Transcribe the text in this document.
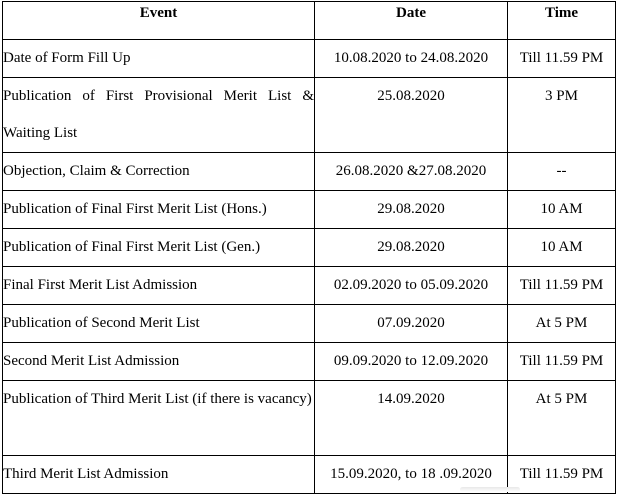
Event	Date	Time
Date of Form Fill Up	10.08.2020 to 24.08.2020	Till 11.59 PM
Publication of First Provisional Merit List & Waiting List	25.08.2020	3 PM
Objection, Claim & Correction	26.08.2020 &27.08.2020	--
Publication of Final First Merit List (Hons.)	29.08.2020	10 AM
Publication of Final First Merit List (Gen.)	29.08.2020	10 AM
Final First Merit List Admission	02.09.2020 to 05.09.2020	Till 11.59 PM
Publication of Second Merit List	07.09.2020	At 5 PM
Second Merit List Admission	09.09.2020 to 12.09.2020	Till 11.59 PM
Publication of Third Merit List (if there is vacancy)	14.09.2020	At 5 PM
Third Merit List Admission	15.09.2020, to 18 .09.2020	Till 11.59 PM
